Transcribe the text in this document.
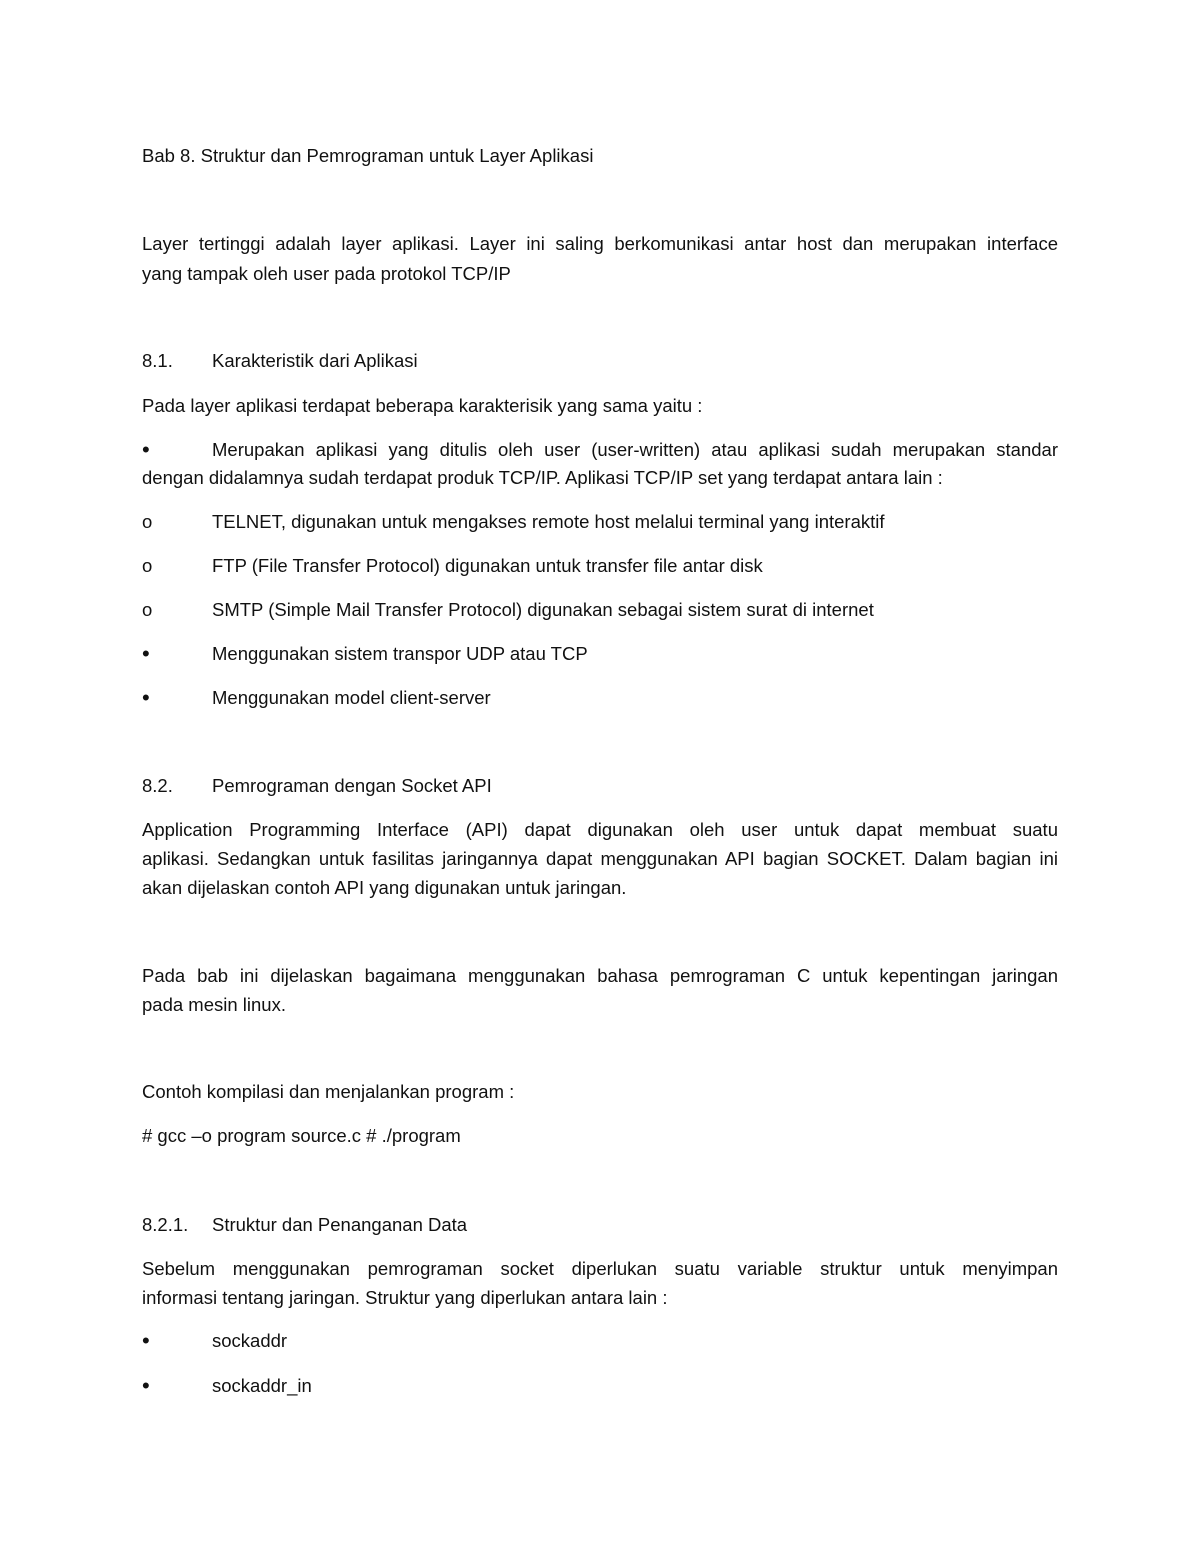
Bab 8. Struktur dan Pemrograman untuk Layer Aplikasi
Layer tertinggi adalah layer aplikasi. Layer ini saling berkomunikasi antar host dan merupakan interface
yang tampak oleh user pada protokol TCP/IP
8.1. Karakteristik dari Aplikasi
Pada layer aplikasi terdapat beberapa karakterisik yang sama yaitu :
•	Merupakan aplikasi yang ditulis oleh user (user-written) atau aplikasi sudah merupakan standar
dengan didalamnya sudah terdapat produk TCP/IP. Aplikasi TCP/IP set yang terdapat antara lain :
o	TELNET, digunakan untuk mengakses remote host melalui terminal yang interaktif
o	FTP (File Transfer Protocol) digunakan untuk transfer file antar disk
o	SMTP (Simple Mail Transfer Protocol) digunakan sebagai sistem surat di internet
•	Menggunakan sistem transpor UDP atau TCP
•	Menggunakan model client-server
8.2. Pemrograman dengan Socket API
Application Programming Interface (API) dapat digunakan oleh user untuk dapat membuat suatu
aplikasi. Sedangkan untuk fasilitas jaringannya dapat menggunakan API bagian SOCKET. Dalam bagian ini
akan dijelaskan contoh API yang digunakan untuk jaringan.
Pada bab ini dijelaskan bagaimana menggunakan bahasa pemrograman C untuk kepentingan jaringan
pada mesin linux.
Contoh kompilasi dan menjalankan program :
# gcc –o program source.c # ./program
8.2.1. Struktur dan Penanganan Data
Sebelum menggunakan pemrograman socket diperlukan suatu variable struktur untuk menyimpan
informasi tentang jaringan. Struktur yang diperlukan antara lain :
•	sockaddr
•	sockaddr_in
